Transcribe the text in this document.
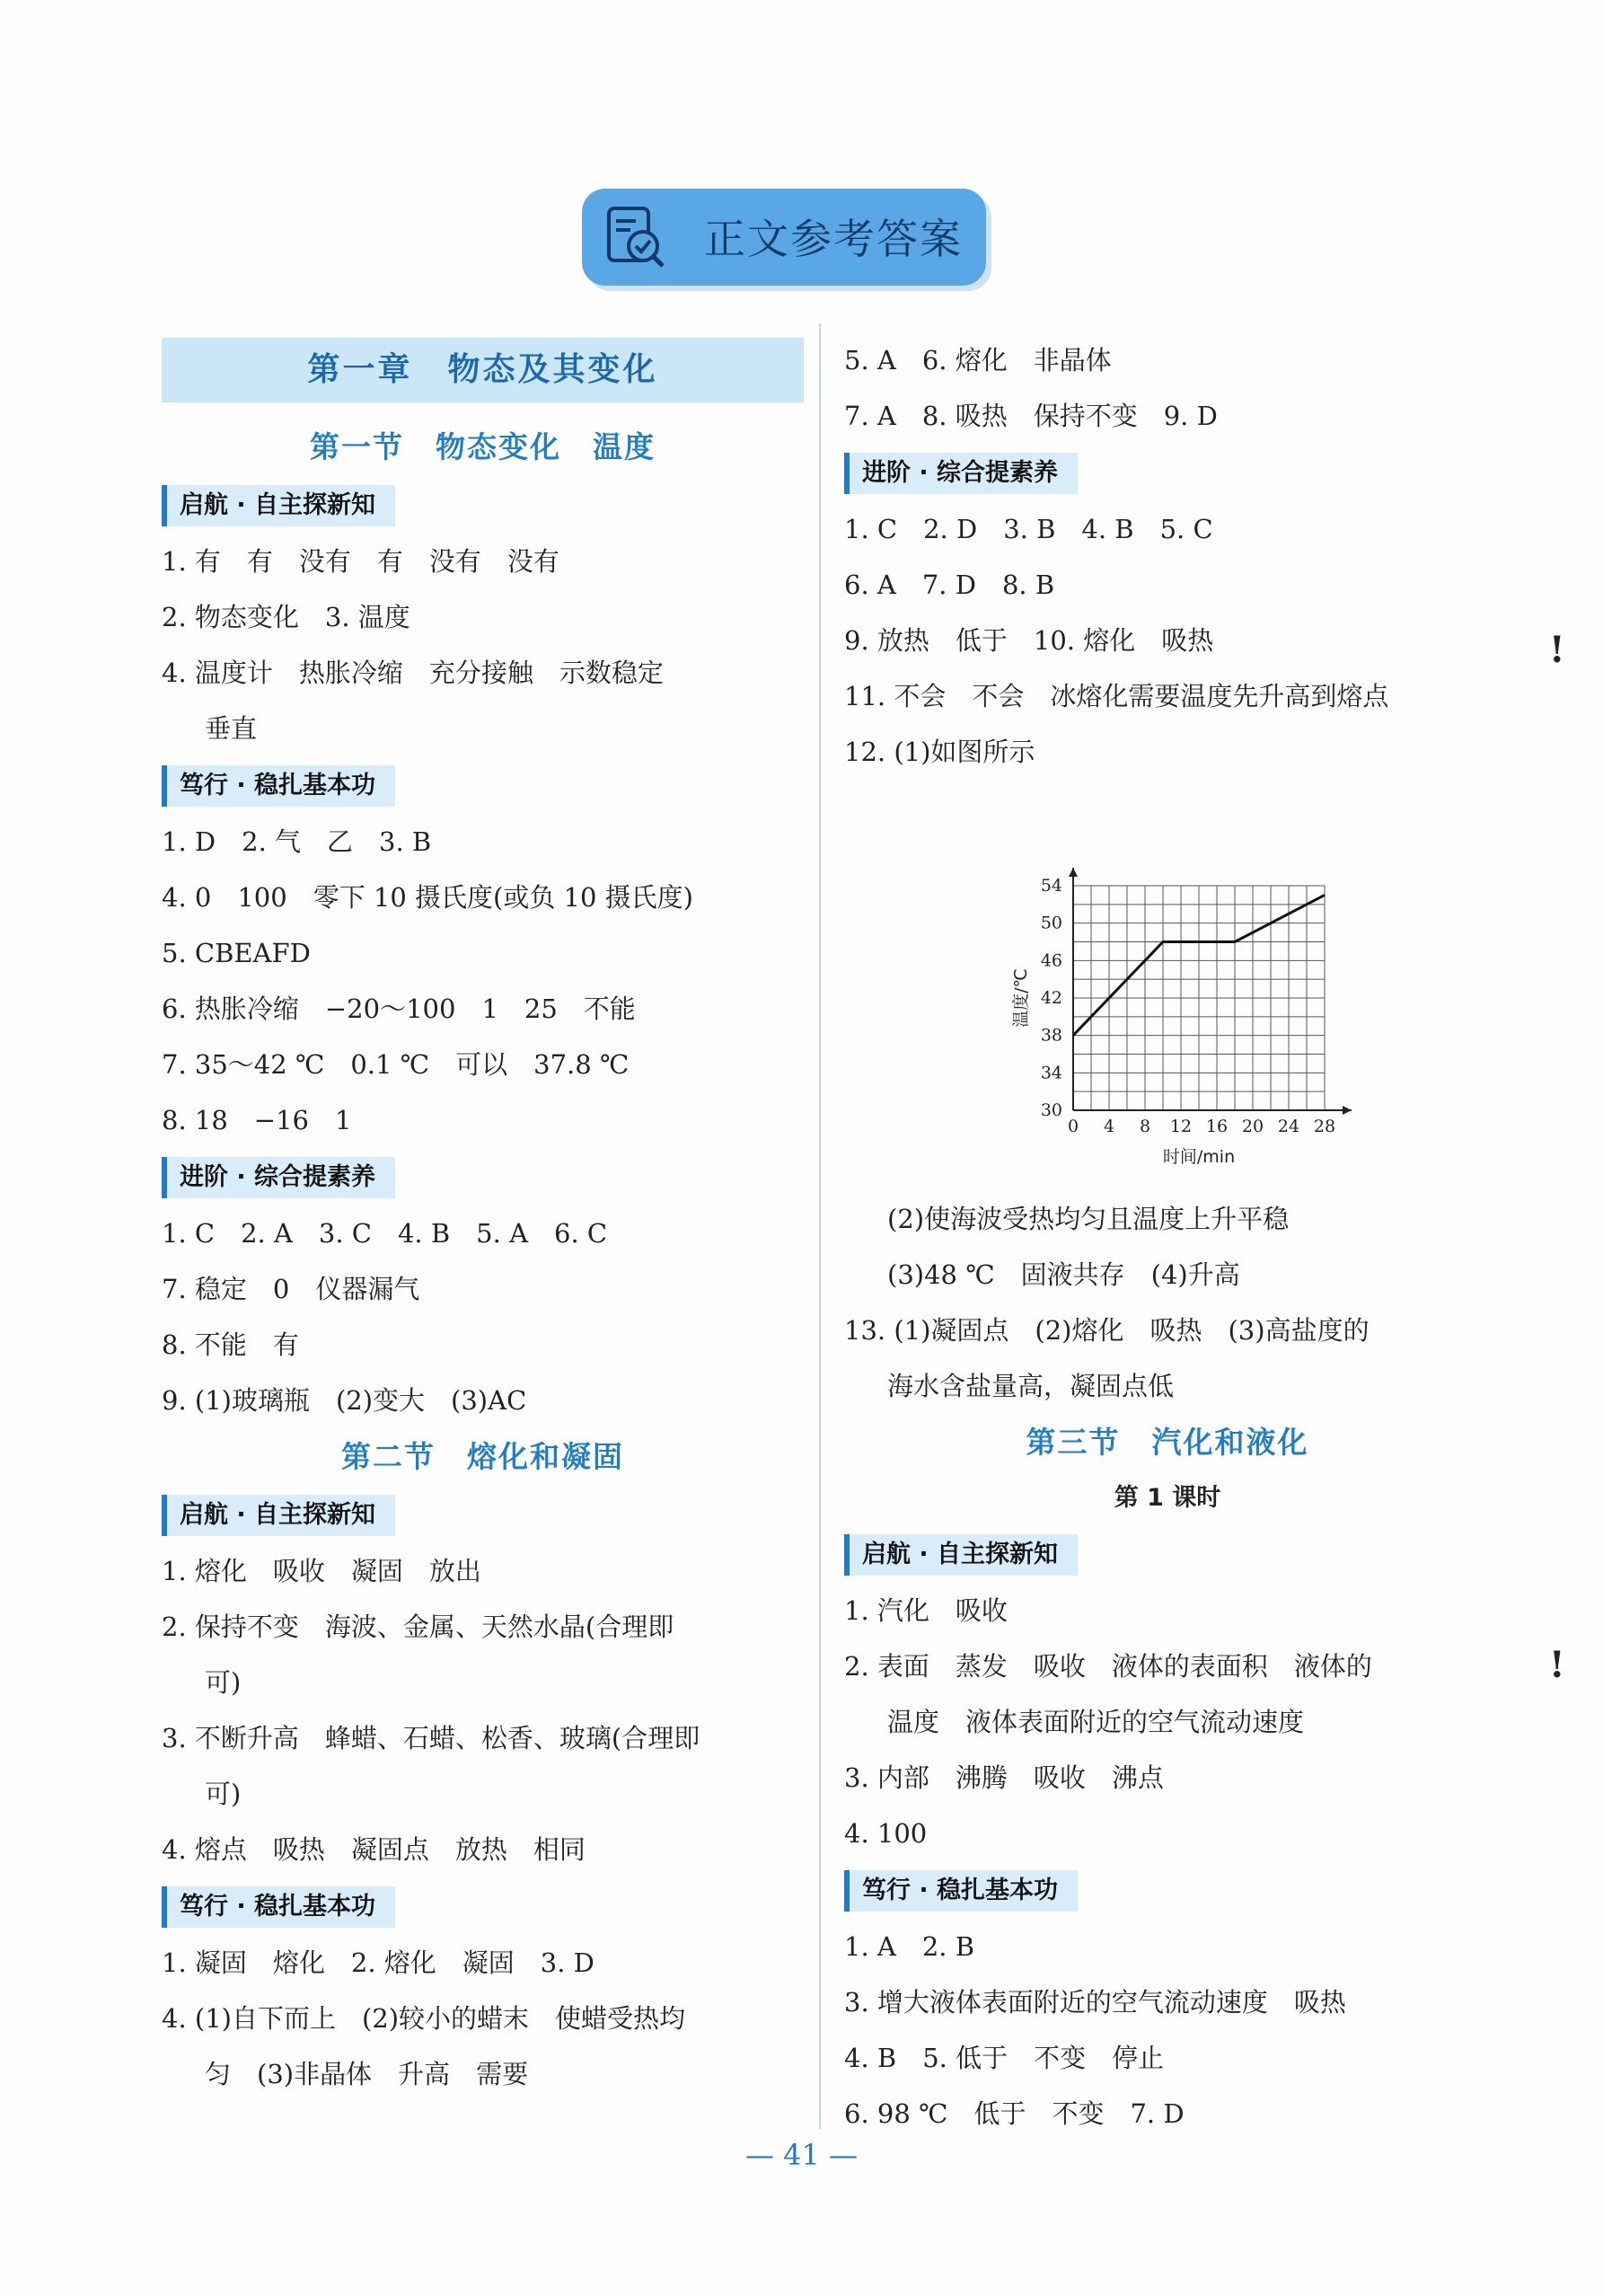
正文参考答案
第一章　物态及其变化
第一节　物态变化　温度
启航 · 自主探新知
1. 有　有　没有　有　没有　没有
2. 物态变化　3. 温度
4. 温度计　热胀冷缩　充分接触　示数稳定
垂直
笃行 · 稳扎基本功
1. D　2. 气　乙　3. B
4. 0　100　零下 10 摄氏度(或负 10 摄氏度)
5. CBEAFD
6. 热胀冷缩　−20～100　1　25　不能
7. 35～42 ℃　0.1 ℃　可以　37.8 ℃
8. 18　−16　1
进阶 · 综合提素养
1. C　2. A　3. C　4. B　5. A　6. C
7. 稳定　0　仪器漏气
8. 不能　有
9. (1)玻璃瓶　(2)变大　(3)AC
第二节　熔化和凝固
启航 · 自主探新知
1. 熔化　吸收　凝固　放出
2. 保持不变　海波、金属、天然水晶(合理即
可)
3. 不断升高　蜂蜡、石蜡、松香、玻璃(合理即
可)
4. 熔点　吸热　凝固点　放热　相同
笃行 · 稳扎基本功
1. 凝固　熔化　2. 熔化　凝固　3. D
4. (1)自下而上　(2)较小的蜡末　使蜡受热均
匀　(3)非晶体　升高　需要
5. A　6. 熔化　非晶体
7. A　8. 吸热　保持不变　9. D
进阶 · 综合提素养
1. C　2. D　3. B　4. B　5. C
6. A　7. D　8. B
9. 放热　低于　10. 熔化　吸热
11. 不会　不会　冰熔化需要温度先升高到熔点
12. (1)如图所示
0 4 8 12 16 20 24 28
30
34
38
42
46
50
54
时间/min
温度/℃
(2)使海波受热均匀且温度上升平稳
(3)48 ℃　固液共存　(4)升高
13. (1)凝固点　(2)熔化　吸热　(3)高盐度的
海水含盐量高，凝固点低
第三节　汽化和液化
第 1 课时
启航 · 自主探新知
1. 汽化　吸收
2. 表面　蒸发　吸收　液体的表面积　液体的
温度　液体表面附近的空气流动速度
3. 内部　沸腾　吸收　沸点
4. 100
笃行 · 稳扎基本功
1. A　2. B
3. 增大液体表面附近的空气流动速度　吸热
4. B　5. 低于　不变　停止
6. 98 ℃　低于　不变　7. D
!
!
— 41 —
